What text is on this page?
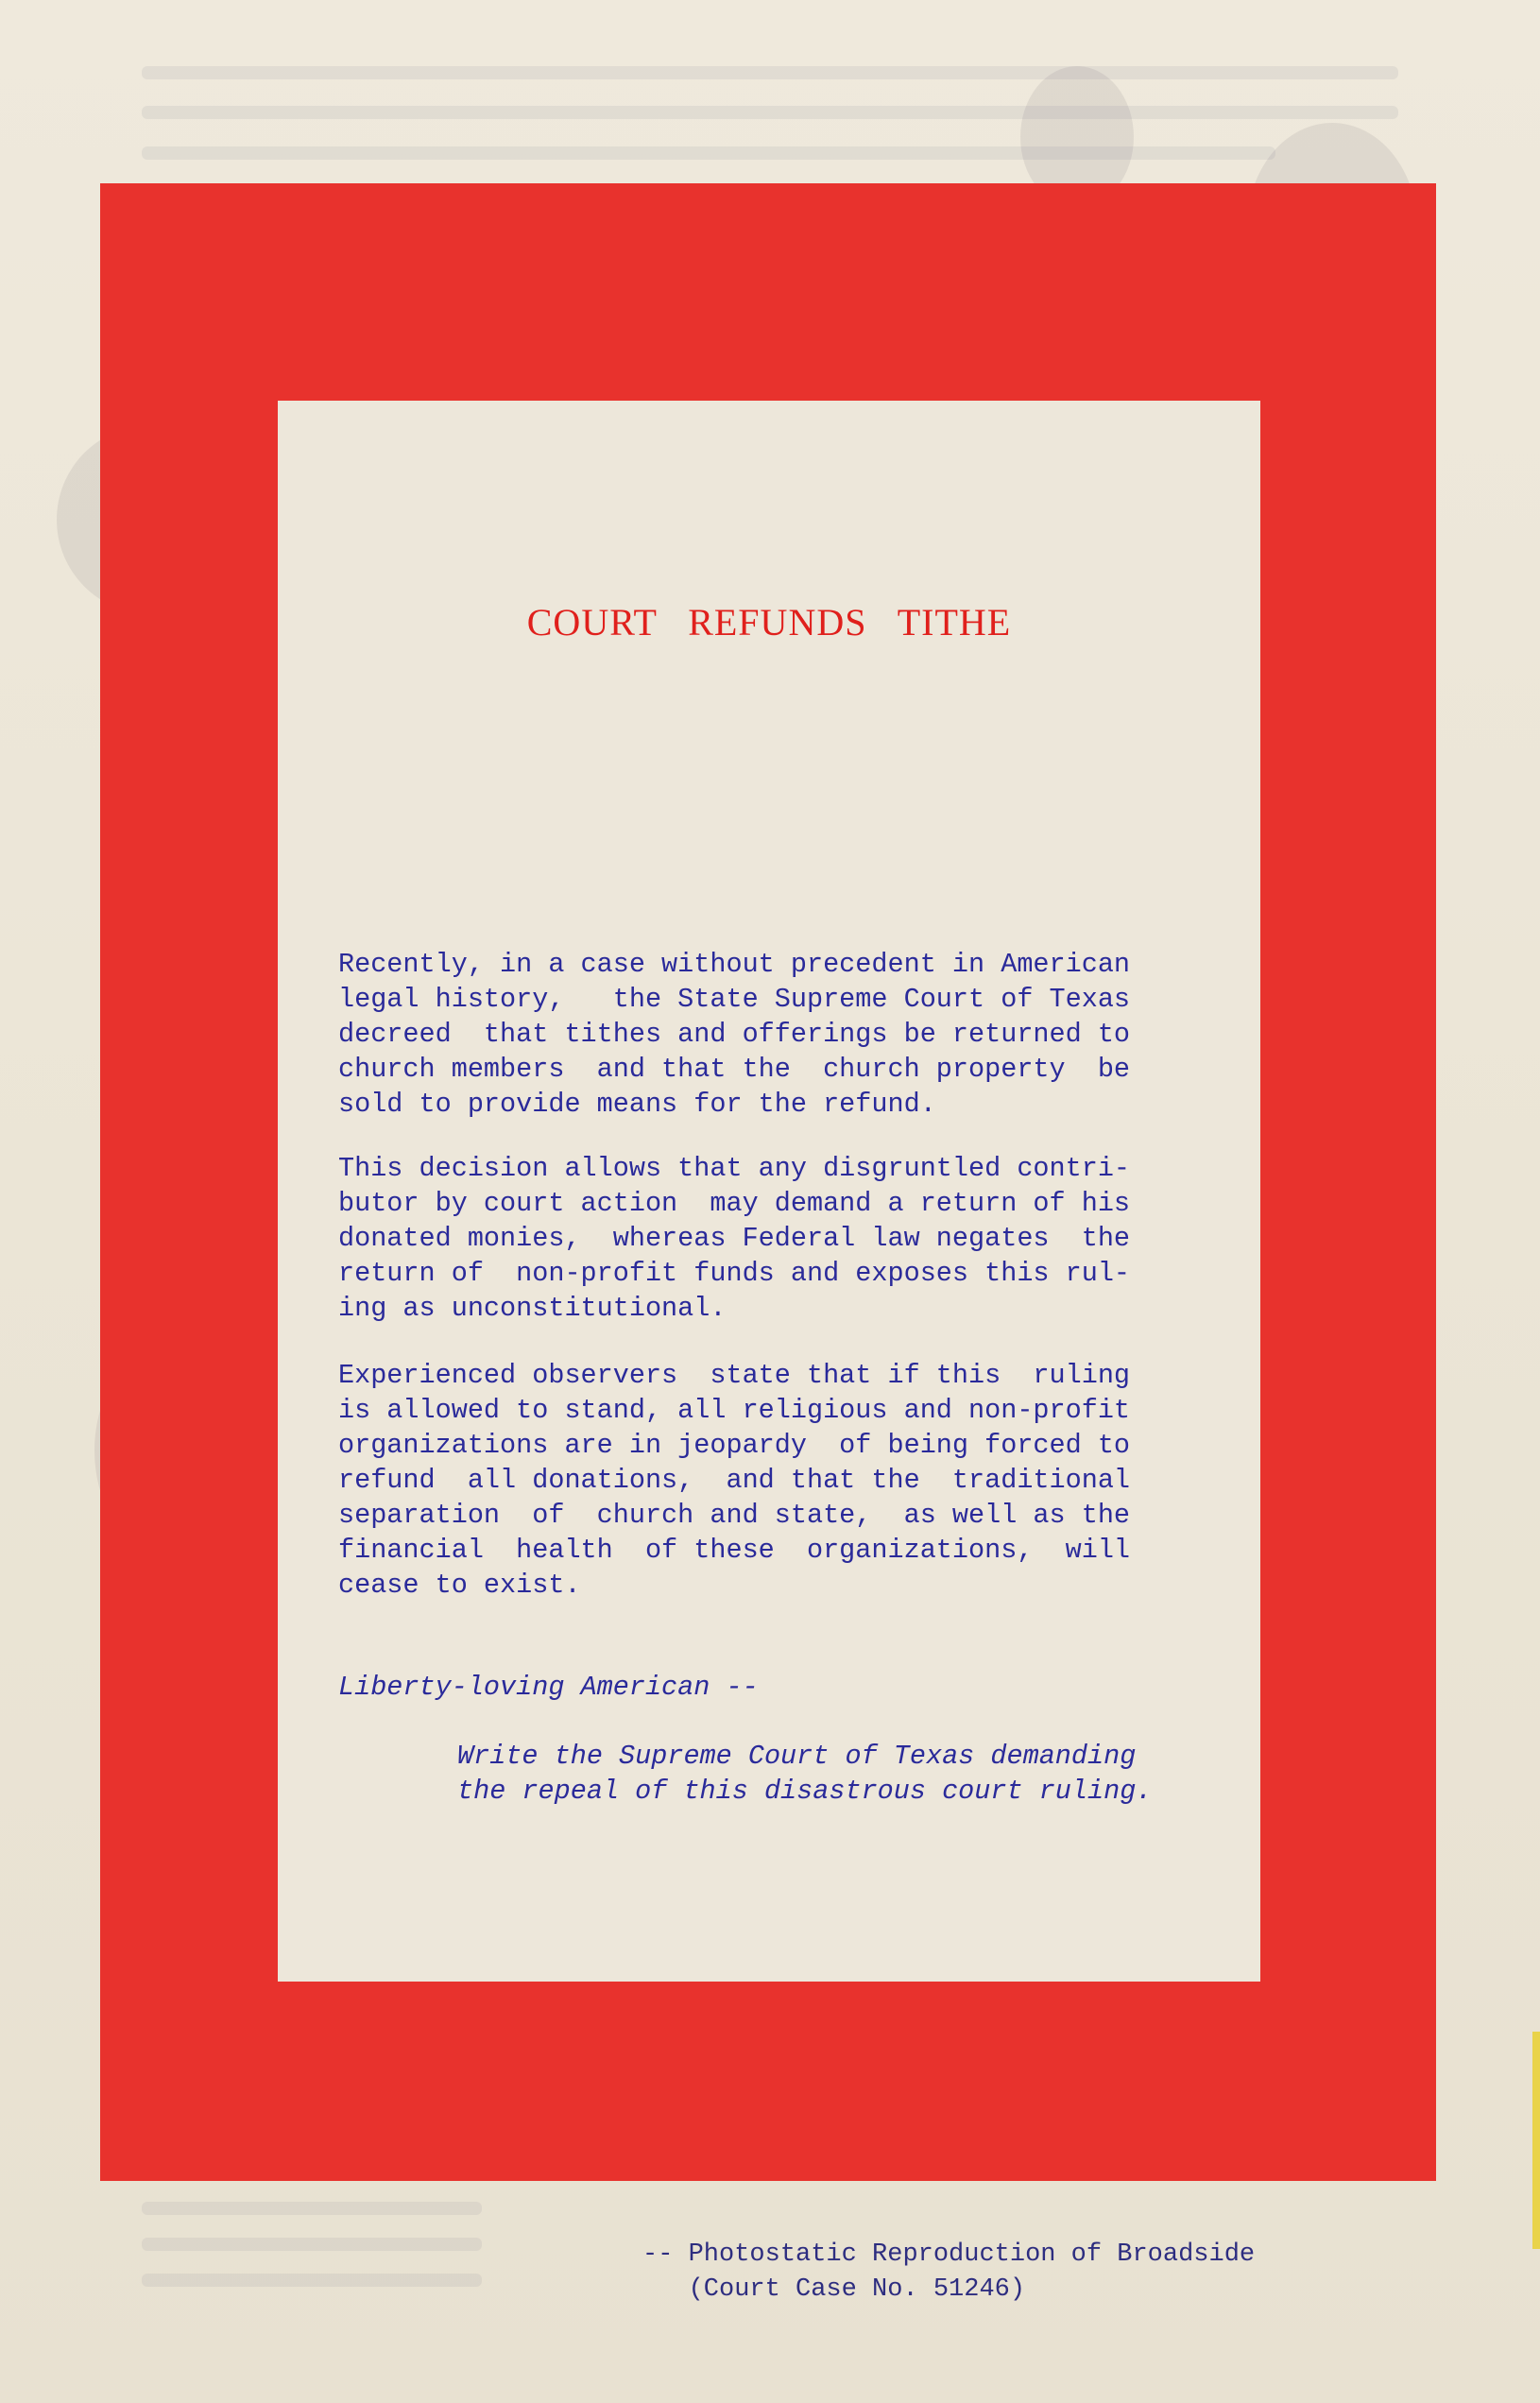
COURT REFUNDS TITHE

Recently, in a case without precedent in American
legal history,   the State Supreme Court of Texas
decreed  that tithes and offerings be returned to
church members  and that the  church property  be
sold to provide means for the refund.

This decision allows that any disgruntled contri-
butor by court action  may demand a return of his
donated monies,  whereas Federal law negates  the
return of  non-profit funds and exposes this rul-
ing as unconstitutional.

Experienced observers  state that if this  ruling
is allowed to stand, all religious and non-profit
organizations are in jeopardy  of being forced to
refund  all donations,  and that the  traditional
separation  of  church and state,  as well as the
financial  health  of these  organizations,  will
cease to exist.

Liberty-loving American --

Write the Supreme Court of Texas demanding
the repeal of this disastrous court ruling.

-- Photostatic Reproduction of Broadside
(Court Case No. 51246)
